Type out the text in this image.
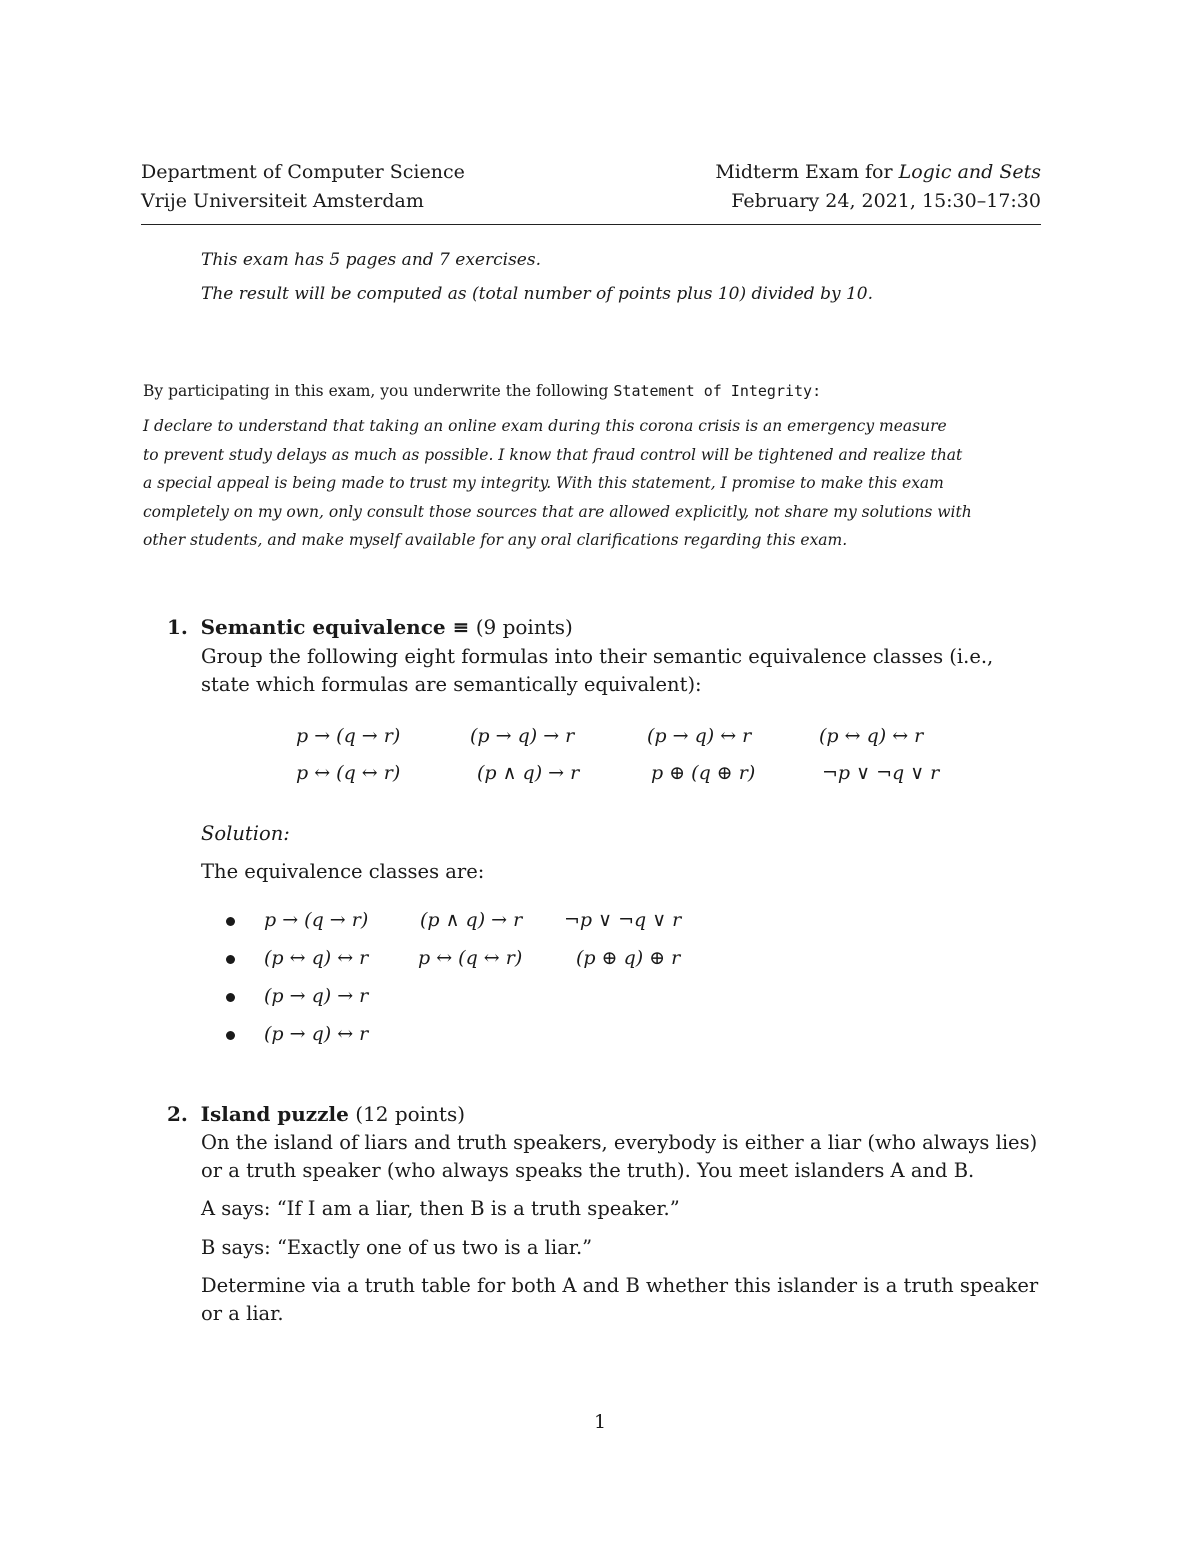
Department of Computer Science	Midterm Exam for Logic and Sets
Vrije Universiteit Amsterdam	February 24, 2021, 15:30–17:30
This exam has 5 pages and 7 exercises.
The result will be computed as (total number of points plus 10) divided by 10.
By participating in this exam, you underwrite the following Statement of Integrity:
I declare to understand that taking an online exam during this corona crisis is an emergency measure
to prevent study delays as much as possible. I know that fraud control will be tightened and realize that
a special appeal is being made to trust my integrity. With this statement, I promise to make this exam
completely on my own, only consult those sources that are allowed explicitly, not share my solutions with
other students, and make myself available for any oral clarifications regarding this exam.
1. Semantic equivalence ≡ (9 points)
Group the following eight formulas into their semantic equivalence classes (i.e., state which formulas are semantically equivalent):
p → (q → r)	(p → q) → r	(p → q) ↔ r	(p ↔ q) ↔ r
p ↔ (q ↔ r)	(p ∧ q) → r	p ⊕ (q ⊕ r)	¬p ∨ ¬q ∨ r
Solution:
The equivalence classes are:
p → (q → r)	(p ∧ q) → r ¬p ∨ ¬q ∨ r
(p ↔ q) ↔ r	p ↔ (q ↔ r)	(p ⊕ q) ⊕ r
(p → q) → r
(p → q) ↔ r
2. Island puzzle (12 points)
On the island of liars and truth speakers, everybody is either a liar (who always lies)
or a truth speaker (who always speaks the truth). You meet islanders A and B.
A says: “If I am a liar, then B is a truth speaker.”
B says: “Exactly one of us two is a liar.”
Determine via a truth table for both A and B whether this islander is a truth speaker
or a liar.
1
